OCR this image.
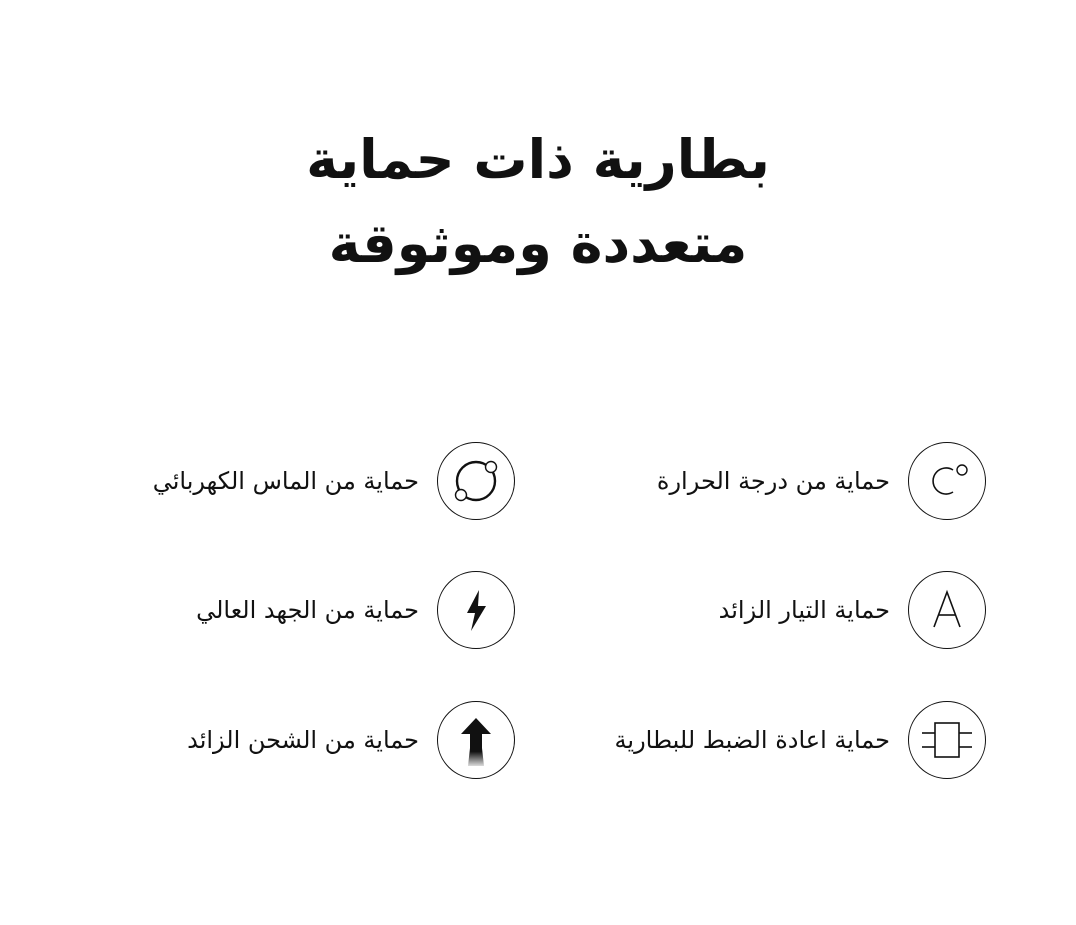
بطارية ذات حماية
متعددة وموثوقة
حماية من درجة الحرارة
حماية التيار الزائد
حماية اعادة الضبط للبطارية
حماية من الماس الكهربائي
حماية من الجهد العالي
حماية من الشحن الزائد
